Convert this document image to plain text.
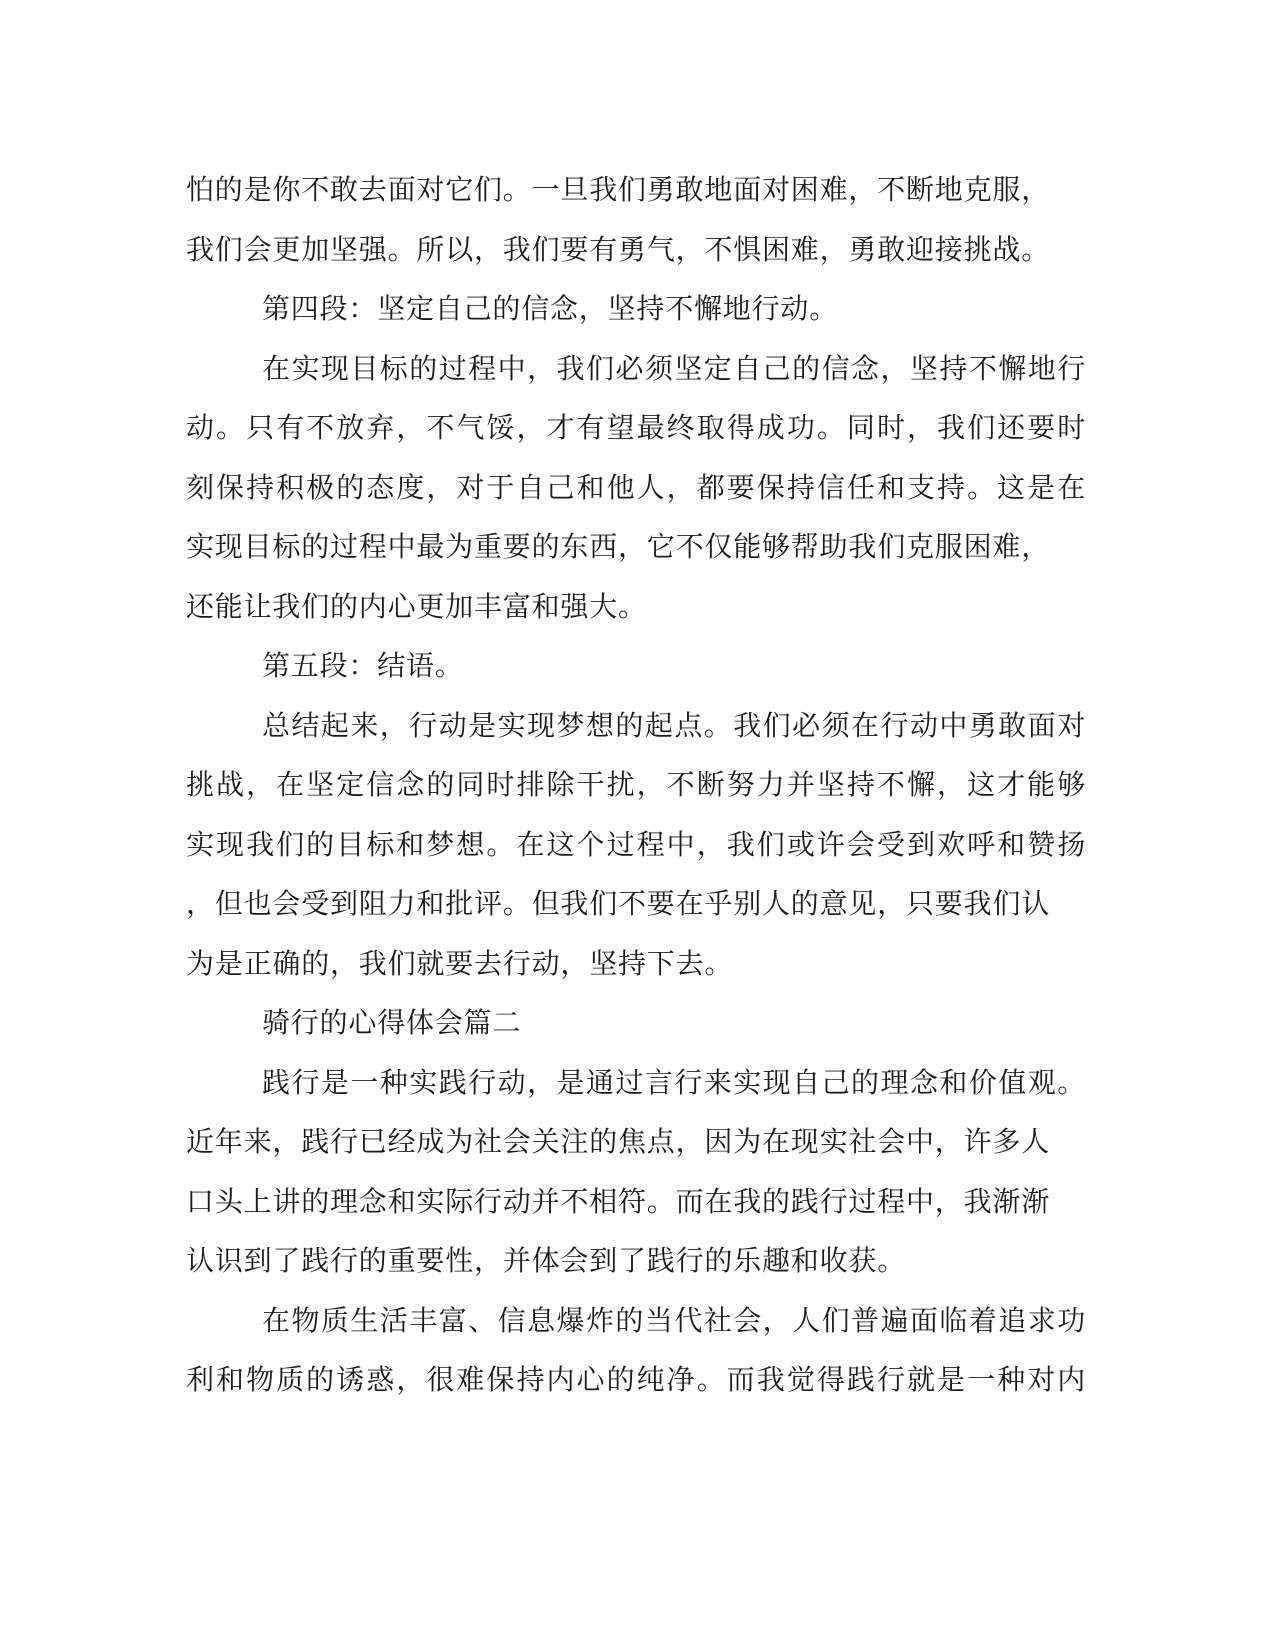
怕的是你不敢去面对它们。一旦我们勇敢地面对困难，不断地克服，
我们会更加坚强。所以，我们要有勇气，不惧困难，勇敢迎接挑战。
第四段：坚定自己的信念，坚持不懈地行动。
在实现目标的过程中，我们必须坚定自己的信念，坚持不懈地行
动。只有不放弃，不气馁，才有望最终取得成功。同时，我们还要时
刻保持积极的态度，对于自己和他人，都要保持信任和支持。这是在
实现目标的过程中最为重要的东西，它不仅能够帮助我们克服困难，
还能让我们的内心更加丰富和强大。
第五段：结语。
总结起来，行动是实现梦想的起点。我们必须在行动中勇敢面对
挑战，在坚定信念的同时排除干扰，不断努力并坚持不懈，这才能够
实现我们的目标和梦想。在这个过程中，我们或许会受到欢呼和赞扬
，但也会受到阻力和批评。但我们不要在乎别人的意见，只要我们认
为是正确的，我们就要去行动，坚持下去。
骑行的心得体会篇二
践行是一种实践行动，是通过言行来实现自己的理念和价值观。
近年来，践行已经成为社会关注的焦点，因为在现实社会中，许多人
口头上讲的理念和实际行动并不相符。而在我的践行过程中，我渐渐
认识到了践行的重要性，并体会到了践行的乐趣和收获。
在物质生活丰富、信息爆炸的当代社会，人们普遍面临着追求功
利和物质的诱惑，很难保持内心的纯净。而我觉得践行就是一种对内
